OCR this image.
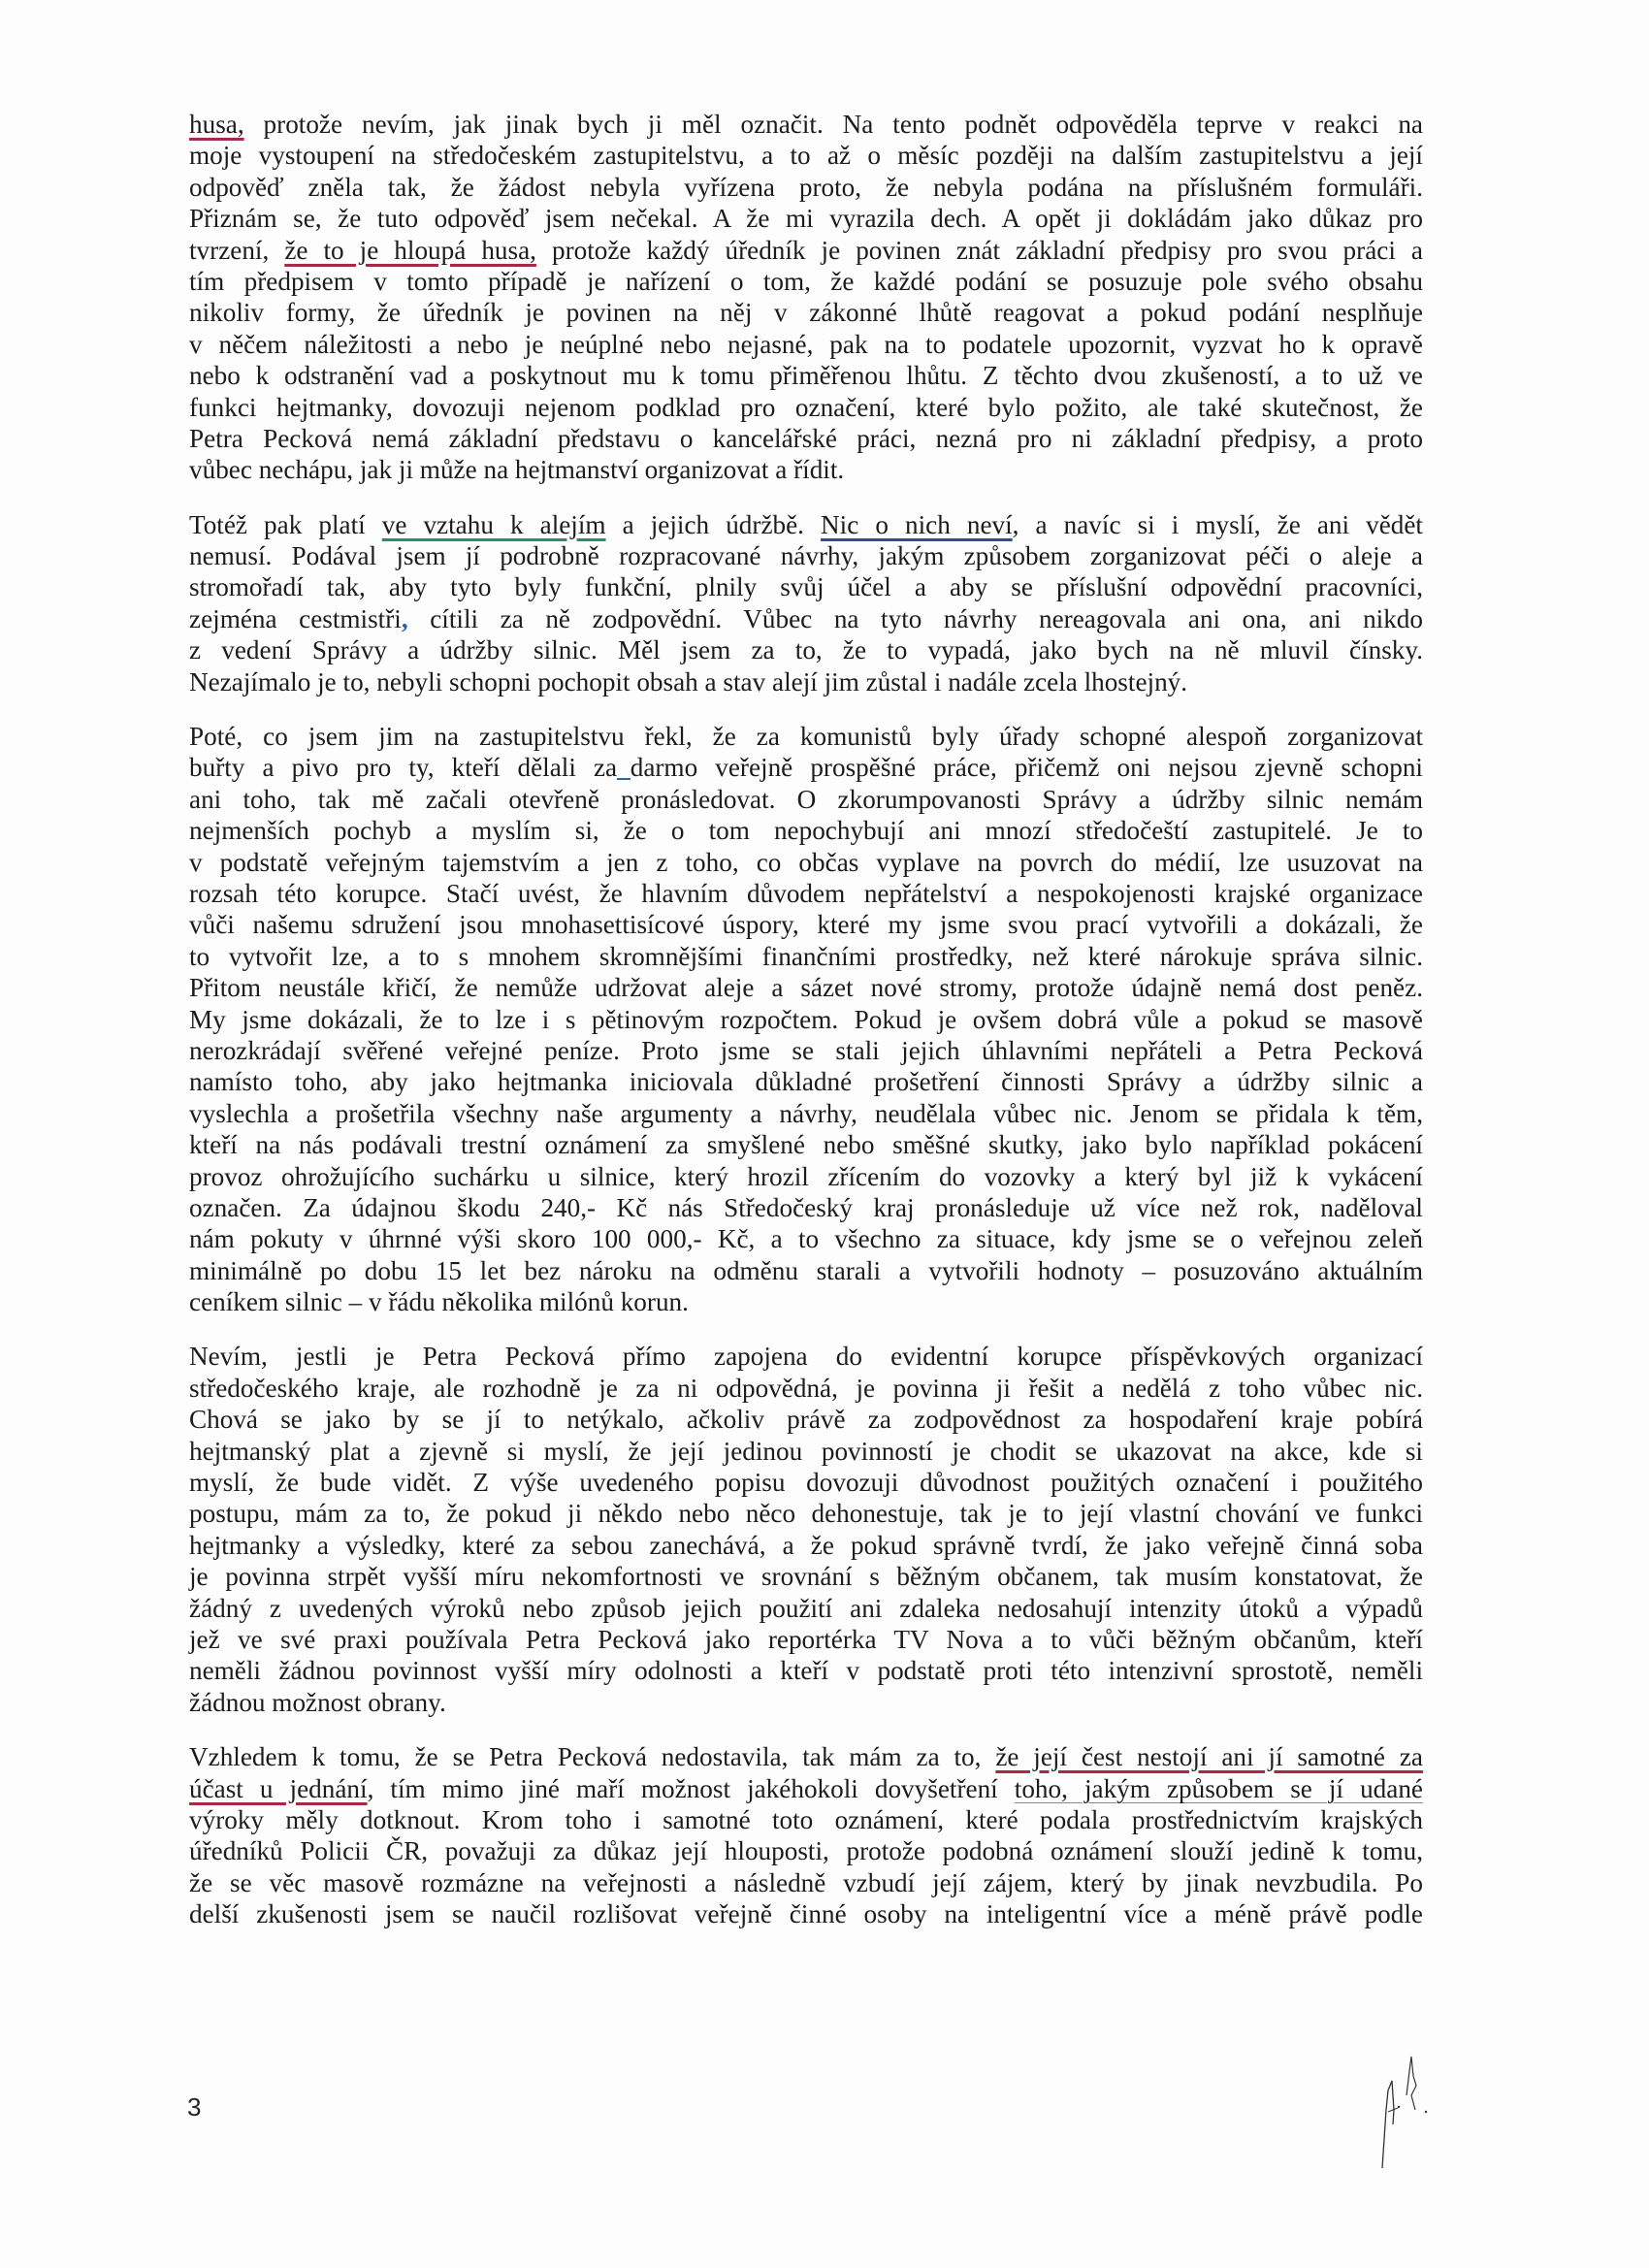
husa, protože nevím, jak jinak bych ji měl označit. Na tento podnět odpověděla teprve v reakci na
moje vystoupení na středočeském zastupitelstvu, a to až o měsíc později na dalším zastupitelstvu a její
odpověď zněla tak, že žádost nebyla vyřízena proto, že nebyla podána na příslušném formuláři.
Přiznám se, že tuto odpověď jsem nečekal. A že mi vyrazila dech. A opět ji dokládám jako důkaz pro
tvrzení, že to je hloupá husa, protože každý úředník je povinen znát základní předpisy pro svou práci a
tím předpisem v tomto případě je nařízení o tom, že každé podání se posuzuje pole svého obsahu
nikoliv formy, že úředník je povinen na něj v zákonné lhůtě reagovat a pokud podání nesplňuje
v něčem náležitosti a nebo je neúplné nebo nejasné, pak na to podatele upozornit, vyzvat ho k opravě
nebo k odstranění vad a poskytnout mu k tomu přiměřenou lhůtu. Z těchto dvou zkušeností, a to už ve
funkci hejtmanky, dovozuji nejenom podklad pro označení, které bylo požito, ale také skutečnost, že
Petra Pecková nemá základní představu o kancelářské práci, nezná pro ni základní předpisy, a proto
vůbec nechápu, jak ji může na hejtmanství organizovat a řídit.
Totéž pak platí ve vztahu k alejím a jejich údržbě. Nic o nich neví, a navíc si i myslí, že ani vědět
nemusí. Podával jsem jí podrobně rozpracované návrhy, jakým způsobem zorganizovat péči o aleje a
stromořadí tak, aby tyto byly funkční, plnily svůj účel a aby se příslušní odpovědní pracovníci,
zejména cestmistři, cítili za ně zodpovědní. Vůbec na tyto návrhy nereagovala ani ona, ani nikdo
z vedení Správy a údržby silnic. Měl jsem za to, že to vypadá, jako bych na ně mluvil čínsky.
Nezajímalo je to, nebyli schopni pochopit obsah a stav alejí jim zůstal i nadále zcela lhostejný.
Poté, co jsem jim na zastupitelstvu řekl, že za komunistů byly úřady schopné alespoň zorganizovat
buřty a pivo pro ty, kteří dělali za_darmo veřejně prospěšné práce, přičemž oni nejsou zjevně schopni
ani toho, tak mě začali otevřeně pronásledovat. O zkorumpovanosti Správy a údržby silnic nemám
nejmenších pochyb a myslím si, že o tom nepochybují ani mnozí středočeští zastupitelé. Je to
v podstatě veřejným tajemstvím a jen z toho, co občas vyplave na povrch do médií, lze usuzovat na
rozsah této korupce. Stačí uvést, že hlavním důvodem nepřátelství a nespokojenosti krajské organizace
vůči našemu sdružení jsou mnohasettisícové úspory, které my jsme svou prací vytvořili a dokázali, že
to vytvořit lze, a to s mnohem skromnějšími finančními prostředky, než které nárokuje správa silnic.
Přitom neustále křičí, že nemůže udržovat aleje a sázet nové stromy, protože údajně nemá dost peněz.
My jsme dokázali, že to lze i s pětinovým rozpočtem. Pokud je ovšem dobrá vůle a pokud se masově
nerozkrádají svěřené veřejné peníze. Proto jsme se stali jejich úhlavními nepřáteli a Petra Pecková
namísto toho, aby jako hejtmanka iniciovala důkladné prošetření činnosti Správy a údržby silnic a
vyslechla a prošetřila všechny naše argumenty a návrhy, neudělala vůbec nic. Jenom se přidala k těm,
kteří na nás podávali trestní oznámení za smyšlené nebo směšné skutky, jako bylo například pokácení
provoz ohrožujícího suchárku u silnice, který hrozil zřícením do vozovky a který byl již k vykácení
označen. Za údajnou škodu 240,- Kč nás Středočeský kraj pronásleduje už více než rok, naděloval
nám pokuty v úhrnné výši skoro 100 000,- Kč, a to všechno za situace, kdy jsme se o veřejnou zeleň
minimálně po dobu 15 let bez nároku na odměnu starali a vytvořili hodnoty – posuzováno aktuálním
ceníkem silnic – v řádu několika milónů korun.
Nevím, jestli je Petra Pecková přímo zapojena do evidentní korupce příspěvkových organizací
středočeského kraje, ale rozhodně je za ni odpovědná, je povinna ji řešit a nedělá z toho vůbec nic.
Chová se jako by se jí to netýkalo, ačkoliv právě za zodpovědnost za hospodaření kraje pobírá
hejtmanský plat a zjevně si myslí, že její jedinou povinností je chodit se ukazovat na akce, kde si
myslí, že bude vidět. Z výše uvedeného popisu dovozuji důvodnost použitých označení i použitého
postupu, mám za to, že pokud ji někdo nebo něco dehonestuje, tak je to její vlastní chování ve funkci
hejtmanky a výsledky, které za sebou zanechává, a že pokud správně tvrdí, že jako veřejně činná soba
je povinna strpět vyšší míru nekomfortnosti ve srovnání s běžným občanem, tak musím konstatovat, že
žádný z uvedených výroků nebo způsob jejich použití ani zdaleka nedosahují intenzity útoků a výpadů
jež ve své praxi používala Petra Pecková jako reportérka TV Nova a to vůči běžným občanům, kteří
neměli žádnou povinnost vyšší míry odolnosti a kteří v podstatě proti této intenzivní sprostotě, neměli
žádnou možnost obrany.
Vzhledem k tomu, že se Petra Pecková nedostavila, tak mám za to, že její čest nestojí ani jí samotné za
účast u jednání, tím mimo jiné maří možnost jakéhokoli dovyšetření toho, jakým způsobem se jí udané
výroky měly dotknout. Krom toho i samotné toto oznámení, které podala prostřednictvím krajských
úředníků Policii ČR, považuji za důkaz její hlouposti, protože podobná oznámení slouží jedině k tomu,
že se věc masově rozmázne na veřejnosti a následně vzbudí její zájem, který by jinak nevzbudila. Po
delší zkušenosti jsem se naučil rozlišovat veřejně činné osoby na inteligentní více a méně právě podle
3
